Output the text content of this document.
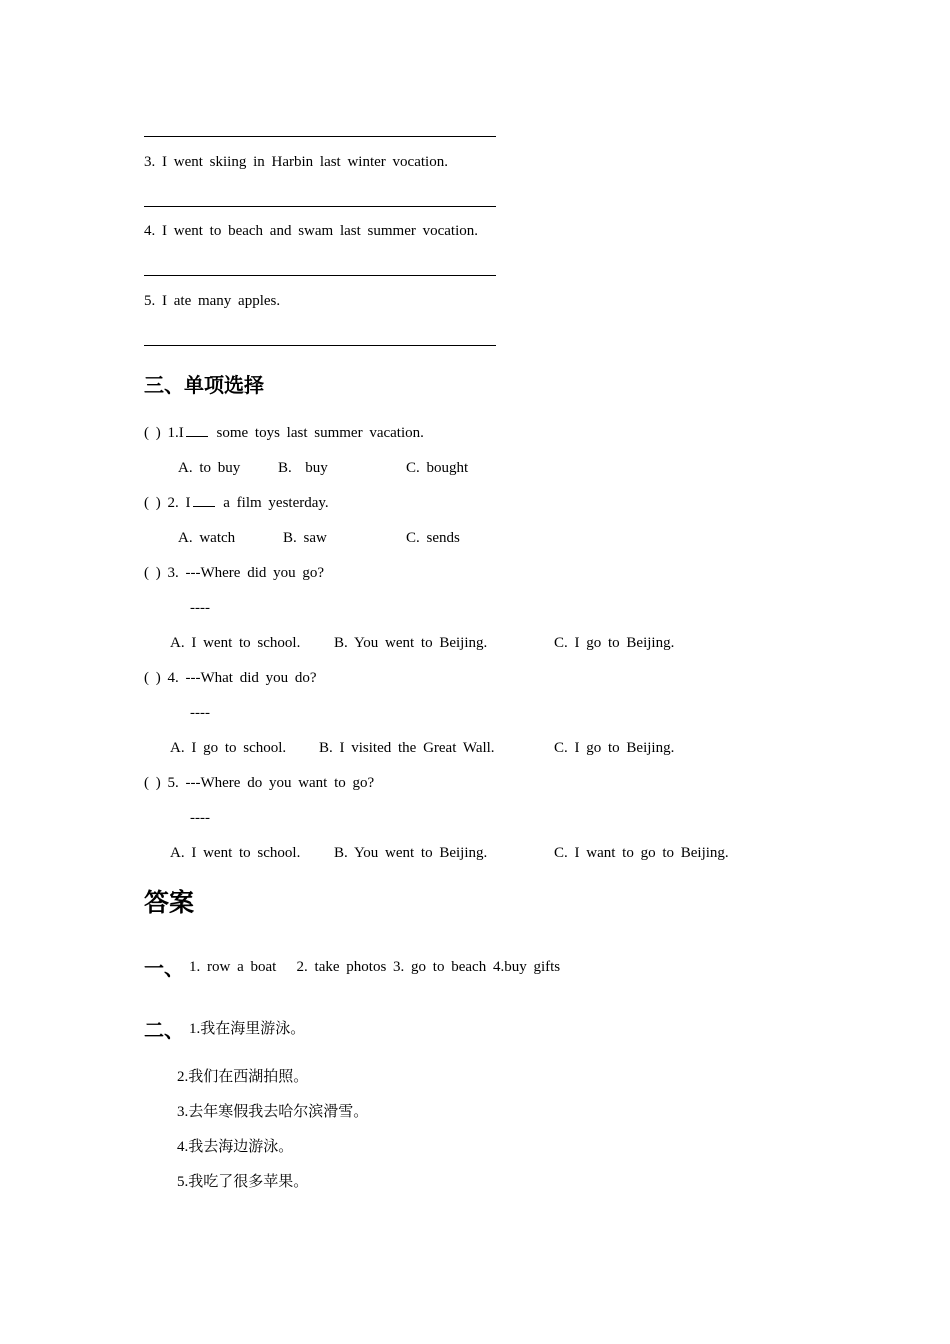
3. I went skiing in Harbin last winter vocation.
4. I went to beach and swam last summer vocation.
5. I ate many apples.
三、单项选择
( ) 1.I some toys last summer vacation.
A. to buy	B.  buy	C. bought
( ) 2. I a film yesterday.
A. watch	B. saw	C. sends
( ) 3. ---Where did you go?
----
A. I went to school. B. You went to Beijing.	C. I go to Beijing.
( ) 4. ---What did you do?
----
A. I go to school. B. I visited the Great Wall.	C. I go to Beijing.
( ) 5. ---Where do you want to go?
----
A. I went to school. B. You went to Beijing.	C. I want to go to Beijing.
答案
一、 1. row a boat   2. take photos 3. go to beach 4.buy gifts
二、 1.我在海里游泳。
2.我们在西湖拍照。
3.去年寒假我去哈尔滨滑雪。
4.我去海边游泳。
5.我吃了很多苹果。
